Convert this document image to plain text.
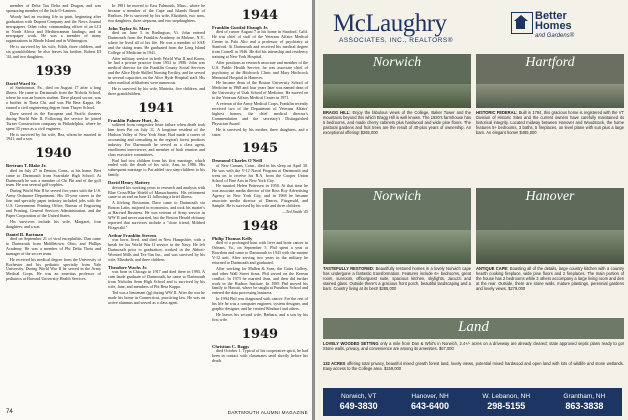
member of Delta Tau Delta and Dragon, and was sponsoring member of the Jack-O-Lantern.
Woody had an exciting life in print, beginning after graduation with Dupont Company and the News Journal newspapers. Other roles: commanding officer of an LCI in North Africa and Mediterranean landings; and in newspaper work. He was a member of many organizations in Rhode Island and in Wilmington.
He is survived by his wife, Edith, three children, and six grandchildren; he also leaves his brother, Robert III '44, and two daughters.
1939
David Ward Sr.
of Sanbornton, Pa., died on August 17 after a long illness. He came to Dartmouth from the Nichols School, where he was an honors student. Dave played soccer, was a brother in Theta Chi, and was Phi Beta Kappa. He earned a civil engineering degree from Thayer School.
Dave served in the European and Pacific theaters during World War II. Following the service he joined Turner Construction company in Philadelphia, where he spent 35 years as a civil engineer.
He is survived by his wife, Bea, whom he married in 1941, and a son.
1940
Bertram T. Blake Jr.
died on July 27 in Denton, Conn., at his home. Bert came to Dartmouth from Scarsdale High School. At Dartmouth he was a member of Chi Phi and of the golf team. He was several golf trophies.
During World War II he served five years with the U.S. Army Ordnance Department. His 35-year career in the fine and specialty paper industry included jobs with the U.S. Government Printing Office, Bureau of Engraving and Printing, General Services Administration, and the Paper Corporation of the United States.
His survivors include his wife, Margaret, four daughters, and a son.
Daniel R. Bactman
died on September 21 of viral encephalitis. Dan came to Dartmouth from Middletown, Ohio, and Phillips Academy. He was a member of Phi Delta Theta and manager of the soccer team.
He received his medical degree from the University of Rochester and his pediatric specialty from Yale University. During World War II he served in the Army Medical Corps. He was an emeritus professor of pediatrics at Harvard University Health Services.
In 1981 he moved to East Falmouth, Mass., where he became a member of the Cape and Islands Board of Realtors. He is survived by his wife, Elizabeth, two sons, two daughters, three stepsons, and two stepdaughters.
John Taylor St. Marr
died on June 5 in Burlington, Vt. John entered Dartmouth from the Franklin Academy in Malone, N.Y., where he lived all of his life. He was a member of SAE and the skiing team. He graduated from the Long Island College of Medicine in 1941.
After military service in both World War II and Korea, he had a private practice from 1952 to 1986. John was medical director for the Franklin County Social Services and the Alice Hyde Skilled Nursing Facility, and he served in several capacities on the Alice Hyde Hospital staff. His other medical affiliations were numerous.
He is survived by his wife, Marietta, five children, and three grandchildren.
1941
Franklin Palmer Hurt, Jr.
suffered from congestive heart failure when death took him from Pat on July 11. A longtime resident of the Hudson Valley of New York State, Bud made a career of accounting and consulting in the region's forest products industry. For Dartmouth he served as a class agent, enrollment interviewer, and member of both reunion and class executive committees.
Bud had two children from his first marriage, which ended with the death of his wife, Ann, in 1986. His subsequent marriage to Pat added two step-children to his family.
David Henry Slattery
devoted his working years to research and analysis with Blue Cross/Blue Shield of Massachusetts. His retirement came to an end on June 21 following a brief illness.
A lifelong Bostonian, Dave came to Dartmouth via Boston Latin, majored in economics, and took his master's at Harvard Business. He was veteran of Army service in WW II and never married, but the Boston Herald obituary reported that survivors include a "close friend, Mildred Fitzgerald."
Arthur Franklin Stevens
was born, lived, and died in New Hampshire, with a break for his World War II service in the Navy. He left Dartmouth prior to graduation, worked in the Abbott-Worsted Mills and Tex-Tan Inc., and was survived by his wife, Elizabeth, and three children.
Theodore Wachs Jr.
was born in Chicago in 1917 and died there in 1993. A cum laude graduate of Dartmouth, he came to Dartmouth from Nicholas Senn High School and is survived by his wife, Jane, and members of Phi Beta Kappa.
Ted was a lieutenant (jg) during WW II. After the war he made his home in Connecticut, practicing law. He was an active alumnus and served as a class agent.
1944
Franklin Gustfaf Ebaugh Jr.
died of cancer August 7 at his home in Stanford, Calif. He was chief of staff of the Veterans Affairs Medical Center in Palo Alto and a professor of psychiatry at Stanford. At Dartmouth and received his medical degree from Cornell in 1946. He did his internship and residency training at New York Hospital.
After positions as research associate and member of the U.S. Public Health Service, he was associate chief of psychiatry at the Hitchcock Clinic and Mary Hitchcock Memorial Hospital in Hanover.
He became dean of the Boston University School of Medicine in 1968 and four years later was named dean of the University of Utah School of Medicine. He moved on to the Veterans Affairs Medical Center in 1971.
A veteran of the Army Medical Corps, Franklin recently received two of the Department of Veterans Affairs' highest honors, the chief medical director's Commendation and the secretary's Distinguished Physician Award.
He is survived by his mother, three daughters, and a sister.
1945
Desmond Charles O'Neill
of New Canaan, Conn., died in his sleep on April 30. He was with the V-12 Naval Program at Dartmouth and went on to receive his B.A. from the Cooper Union School of Fine Arts in New York City.
He married Helen Pettersen in 1958. At that time he was associate media director of the Ross Roy Advertising Agency in New York City, and in 1968 he became associate media director of Dancer, Fitzgerald, and Sample. He is survived by his wife and three children.
—Ted Smith '45
1948
Philip Thomas Kelly
died of a prolonged bout with liver and bone cancer in Orleans, Va., on September 5. Phil spent a year at Bowdoin and came to Dartmouth in 1943 with the marine V-12 unit. After serving two years in the military he returned to Dartmouth and graduated.
After working for Mullen & Sons, the Gates Gallery, and other Wall Street firms, Phil served on the Korean conflict. In 1973 he married Jean, and then did further work in the Hudson Institute. In 1985 Phil moved his family to Hawaii, where he taught at Punahou School and entered the data processing business.
In 1994 Phil was diagnosed with cancer. For the rest of his life he was a computer engineer, system designer, and graphic designer, and he created Windsurf and others.
He leaves his second wife, Barbara, and a son by his first wife.
1949
Christian C. Boggs
died October 1. Typical of his cooperative spirit, he had been in contact with classmates until shortly before his death.
74	DARTMOUTH ALUMNI MAGAZINE
McLaughry
ASSOCIATES, INC., REALTORS®
Better
Homes
and Gardens®
Norwich
BRAGG HILL: Enjoy the fabulous views of the College, Baker Tower and the mountains beyond this which Bragg Hill is well known. The 1920's farmhouse has 5 bedrooms, and made cherry cabinets plus hardwood and wide pine floors. The pastoral gardens and fruit trees are the result of 40-plus years of ownership. An exceptional offering! $265,000
Hartford
HISTORIC FEDERAL: Built in 1794, this gracious home is registered with the VT Division of Historic Sites and the current owners have carefully maintained its historical integrity. Located midway between Hanover and Woodstock, the home features 5+ bedrooms, 3 baths, 5 fireplaces, on level plane with sun plus a large barn. An elegant home! $485,000
Norwich
TASTEFULLY RESTORED: Beautifully restored homes in a lovely Norwich cape has undergone a fantastic transformation. Features include 6+ bedrooms, great room, sunroom, office/guest suite, spacious kitchen, skylights, Jacuzzi and stained glass. Outside there's a gracious front porch, beautiful landscaping and a barn. Country living at its best! $285,000
Hanover
ANTIQUE CAPE: Boasting all of the details, large country kitchen with a country hearth cooking fireplace, wide pine floors and 2 fireplaces. The main portion of the house has 2 bedrooms while 3 others accompany a large living room and den at the rear. Outside, there are stone walls, mature plantings, perennial gardens and lovely views. $279,000
Land
LOVELY WOODED SETTING only a mile from Dan & Whit's in Norwich, 2.4+/- acres on a driveway are already cleared; state approved septic plans ready to go! Stone walls, privacy, and convenience are among its amenities. $67,000
132 ACRES offering total privacy, beautiful mixed growth forest land, lovely views, potential mixed hardwood and open land with lots of wildlife and stone wetlands. Easy access to the College area. $159,000
Norwich, VT
649-3830
Hanover, NH
643-6400
W. Lebanon, NH
298-5155
Grantham, NH
863-3838
